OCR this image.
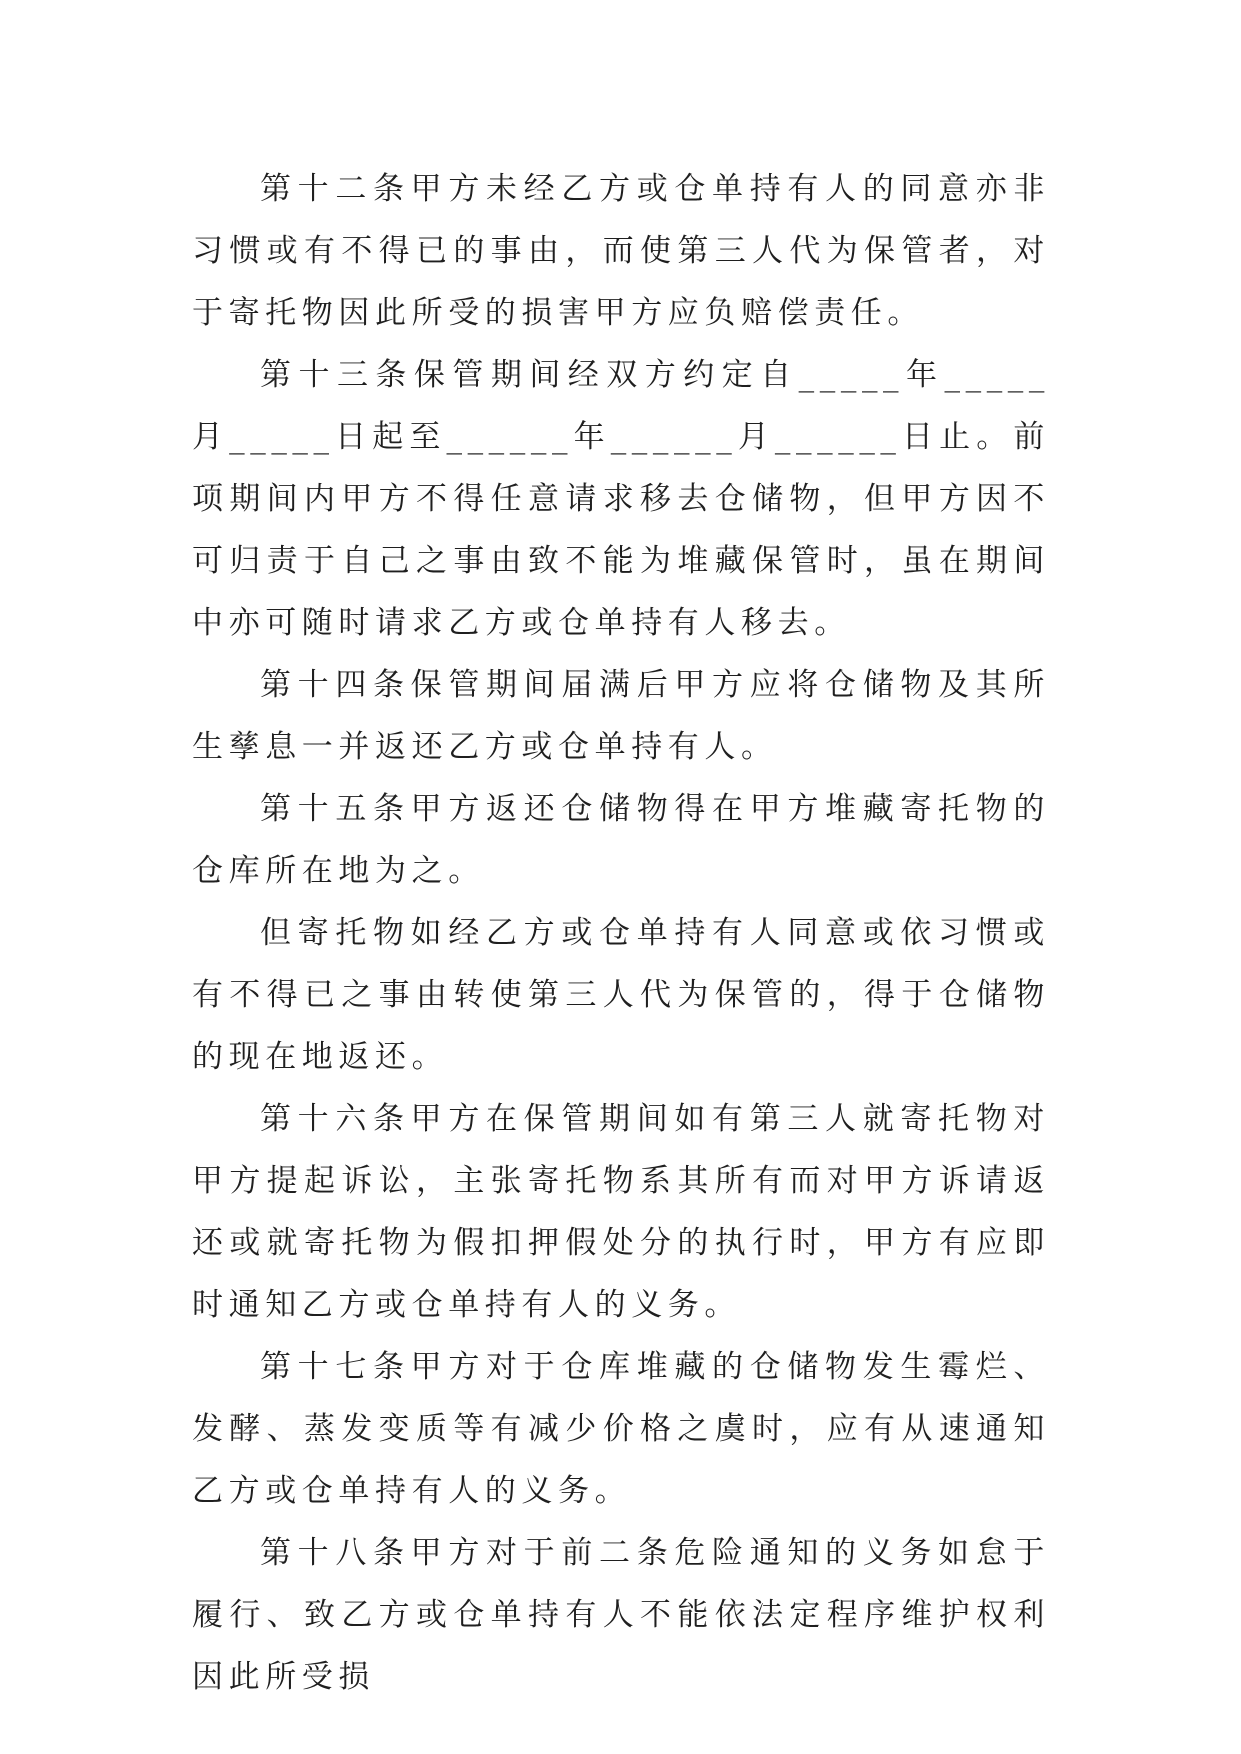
第十二条甲方未经乙方或仓单持有人的同意亦非习惯或有不得已的事由，而使第三人代为保管者，对于寄托物因此所受的损害甲方应负赔偿责任。

第十三条保管期间经双方约定自_____年_____月_____日起至______年______月______日止。前项期间内甲方不得任意请求移去仓储物，但甲方因不可归责于自己之事由致不能为堆藏保管时，虽在期间中亦可随时请求乙方或仓单持有人移去。

第十四条保管期间届满后甲方应将仓储物及其所生孳息一并返还乙方或仓单持有人。

第十五条甲方返还仓储物得在甲方堆藏寄托物的仓库所在地为之。

但寄托物如经乙方或仓单持有人同意或依习惯或有不得已之事由转使第三人代为保管的，得于仓储物的现在地返还。

第十六条甲方在保管期间如有第三人就寄托物对甲方提起诉讼，主张寄托物系其所有而对甲方诉请返还或就寄托物为假扣押假处分的执行时，甲方有应即时通知乙方或仓单持有人的义务。

第十七条甲方对于仓库堆藏的仓储物发生霉烂、发酵、蒸发变质等有减少价格之虞时，应有从速通知乙方或仓单持有人的义务。

第十八条甲方对于前二条危险通知的义务如怠于履行、致乙方或仓单持有人不能依法定程序维护权利因此所受损
